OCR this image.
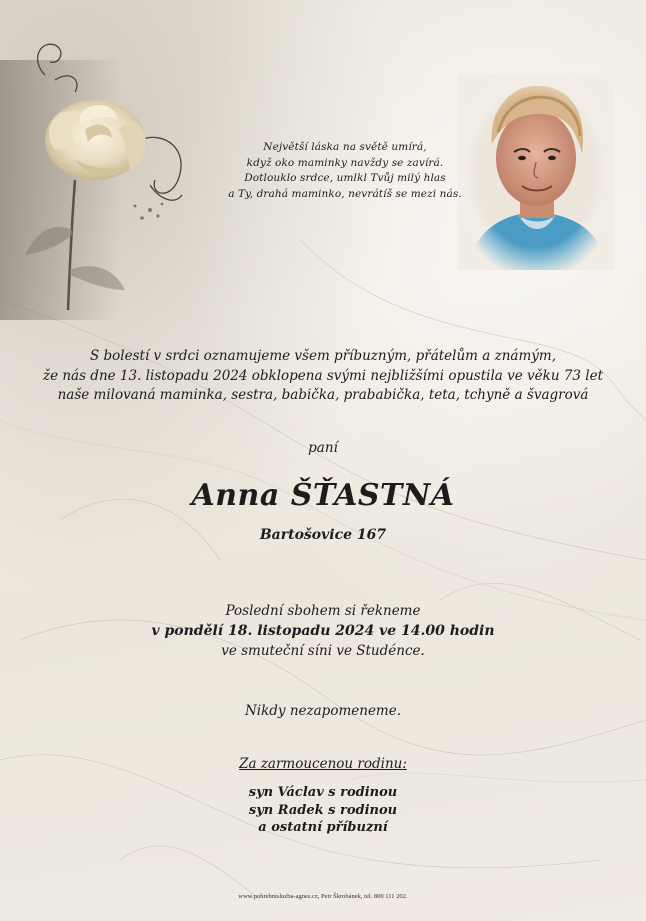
Největší láska na světě umírá,
když oko maminky navždy se zavírá.
Dotlouklo srdce, umlkl Tvůj milý hlas
a Ty, drahá maminko, nevrátíš se mezi nás.
S bolestí v srdci oznamujeme všem příbuzným, přátelům a známým,
že nás dne 13. listopadu 2024 obklopena svými nejbližšími opustila ve věku 73 let
naše milovaná maminka, sestra, babička, prababička, teta, tchyně a švagrová
paní
Anna ŠŤASTNÁ
Bartošovice 167
Poslední sbohem si řekneme
v pondělí 18. listopadu 2024 ve 14.00 hodin
ve smuteční síni ve Studénce.
Nikdy nezapomeneme.
Za zarmoucenou rodinu:
syn Václav s rodinou
syn Radek s rodinou
a ostatní příbuzní
www.pohrebnisluzba-agnes.cz, Petr Škrobánek, tel. 800 111 202.
